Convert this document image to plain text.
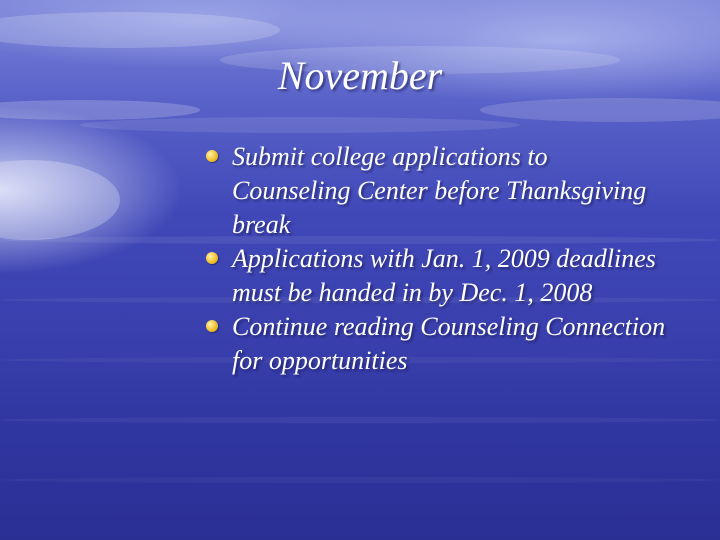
November
Submit college applications to Counseling Center before Thanksgiving break
Applications with Jan. 1, 2009 deadlines must be handed in by Dec. 1, 2008
Continue reading Counseling Connection for opportunities
